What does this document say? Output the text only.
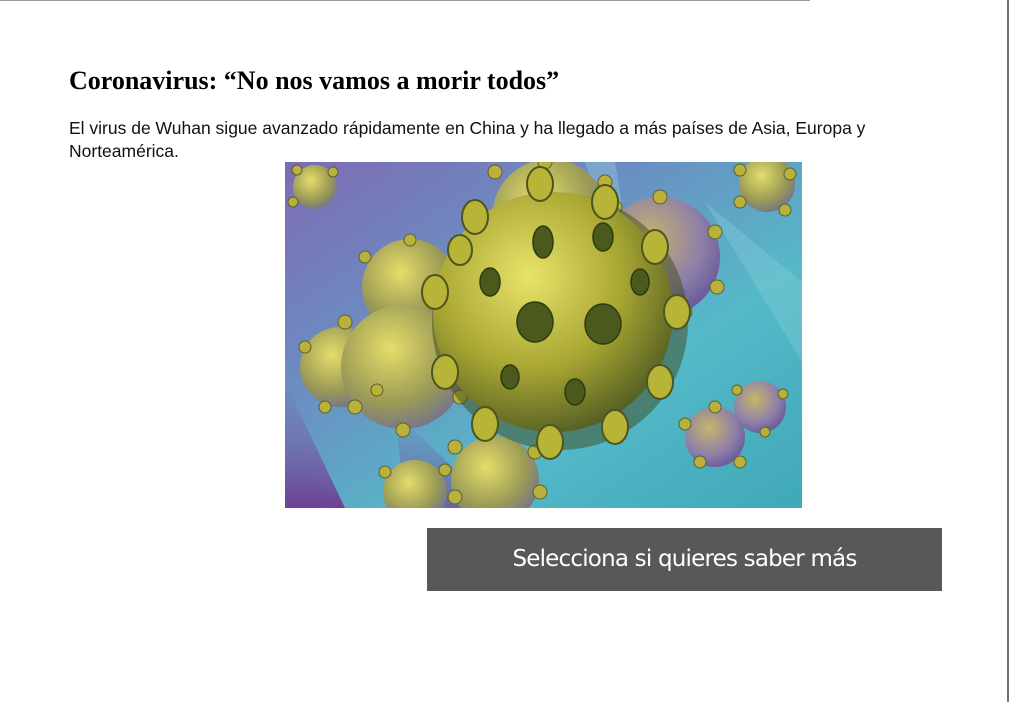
Coronavirus: “No nos vamos a morir todos”

El virus de Wuhan sigue avanzado rápidamente en China y ha llegado a más países de Asia, Europa y Norteamérica.

Selecciona si quieres saber más
